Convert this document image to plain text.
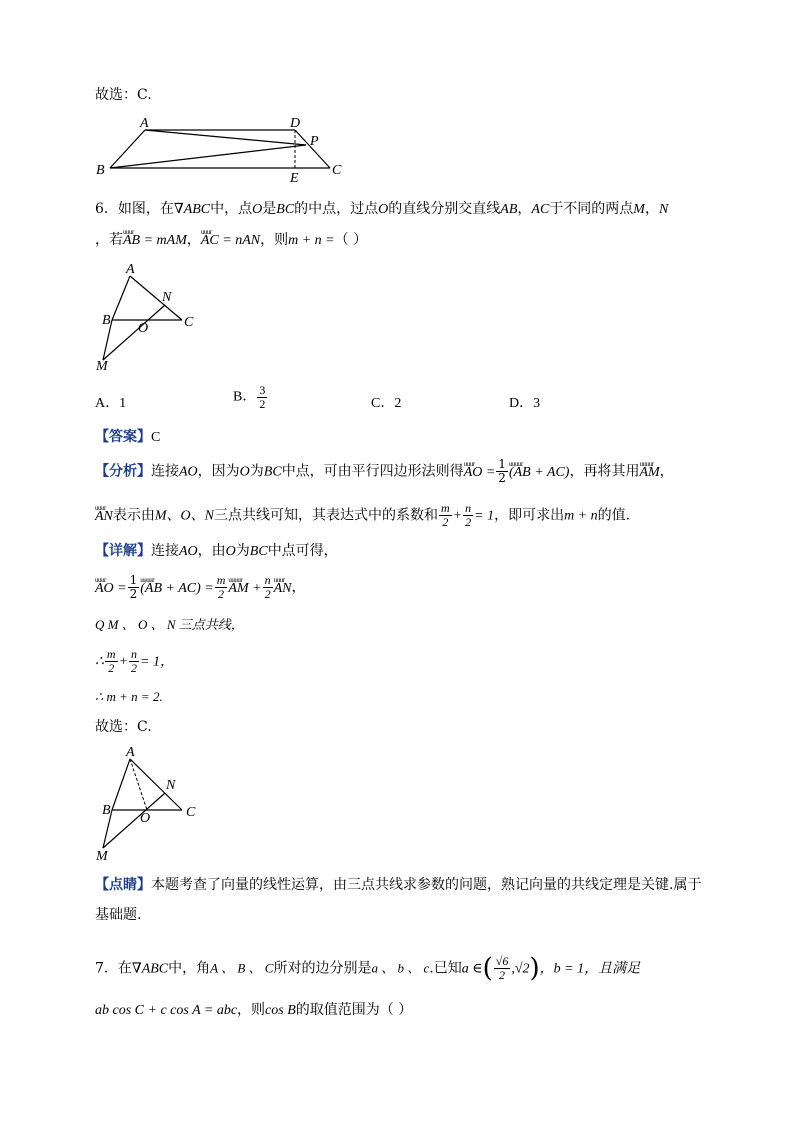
故选：C.
A	D
P
B
E
C
6．如图，在∇ABC中，点O是BC的中点，过点O的直线分别交直线AB，AC于不同的两点M，N
，若uuur AB = mAM，uuur AC = nAN，则m + n =（ ）
A
N
B
O	C
M
A．1	B． $\frac{3}{2}$	C．2	D．3
【答案】C
【分析】连接AO，因为O为BC中点，可由平行四边形法则得uuur AO = $\frac{1}{2}$ uuuur (AB + AC)，再将其用uuuur AM，
uuur AN表示由M、O、N三点共线可知，其表达式中的系数和 $\frac{m}{2} + \frac{n}{2} = 1$，即可求出m + n的值.
【详解】连接AO，由O为BC中点可得，
uuur AO = $\frac{1}{2}$ uuuur $(AB + AC) = \frac{m}{2}$ uuuur AM + $\frac{n}{2}$ uuur AN，
Q M 、 O 、 N 三点共线，
∴ $\frac{m}{2} + \frac{n}{2} = 1$，
∴ m + n = 2.
故选：C.
A
N
B
O	C
M
【点睛】本题考查了向量的线性运算，由三点共线求参数的问题，熟记向量的共线定理是关键.属于
基础题.
7．在∇ABC中，角A 、 B 、 C所对的边分别是a 、 b 、 c.已知a ∈( $\frac{√6}{2} ,√2$)，b = 1，且满足
ab cos C + c cos A = abc，则cos B的取值范围为（ ）
